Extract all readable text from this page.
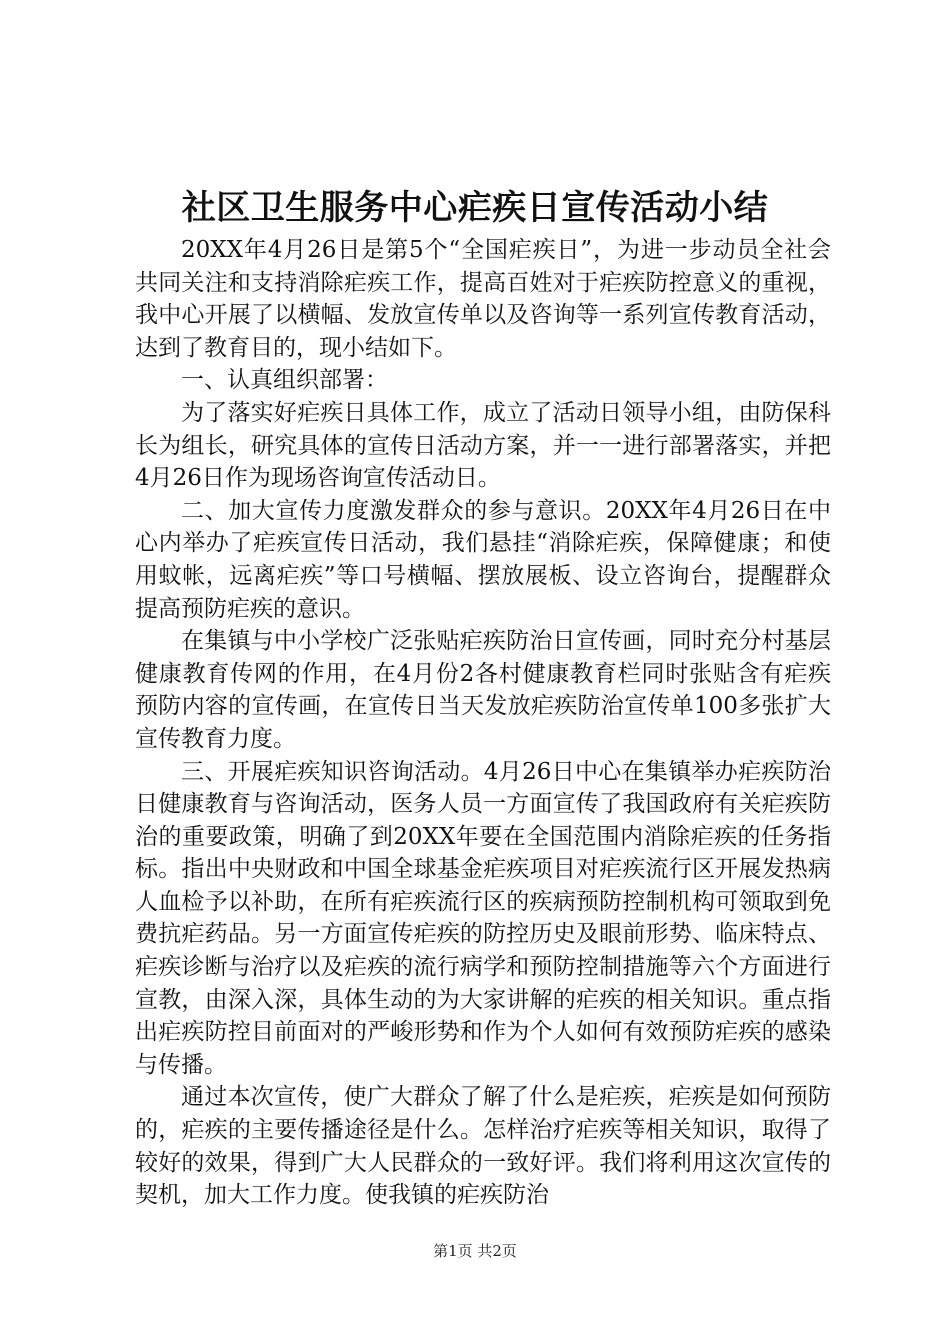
社区卫生服务中心疟疾日宣传活动小结

20XX年4月26日是第5个“全国疟疾日”，为进一步动员全社会共同关注和支持消除疟疾工作，提高百姓对于疟疾防控意义的重视，我中心开展了以横幅、发放宣传单以及咨询等一系列宣传教育活动，达到了教育目的，现小结如下。

一、认真组织部署：

为了落实好疟疾日具体工作，成立了活动日领导小组，由防保科长为组长，研究具体的宣传日活动方案，并一一进行部署落实，并把4月26日作为现场咨询宣传活动日。

二、加大宣传力度激发群众的参与意识。20XX年4月26日在中心内举办了疟疾宣传日活动，我们悬挂“消除疟疾，保障健康；和使用蚊帐，远离疟疾”等口号横幅、摆放展板、设立咨询台，提醒群众提高预防疟疾的意识。

在集镇与中小学校广泛张贴疟疾防治日宣传画，同时充分村基层健康教育传网的作用，在4月份2各村健康教育栏同时张贴含有疟疾预防内容的宣传画，在宣传日当天发放疟疾防治宣传单100多张扩大宣传教育力度。

三、开展疟疾知识咨询活动。4月26日中心在集镇举办疟疾防治日健康教育与咨询活动，医务人员一方面宣传了我国政府有关疟疾防治的重要政策，明确了到20XX年要在全国范围内消除疟疾的任务指标。指出中央财政和中国全球基金疟疾项目对疟疾流行区开展发热病人血检予以补助，在所有疟疾流行区的疾病预防控制机构可领取到免费抗疟药品。另一方面宣传疟疾的防控历史及眼前形势、临床特点、疟疾诊断与治疗以及疟疾的流行病学和预防控制措施等六个方面进行宣教，由深入深，具体生动的为大家讲解的疟疾的相关知识。重点指出疟疾防控目前面对的严峻形势和作为个人如何有效预防疟疾的感染与传播。

通过本次宣传，使广大群众了解了什么是疟疾，疟疾是如何预防的，疟疾的主要传播途径是什么。怎样治疗疟疾等相关知识，取得了较好的效果，得到广大人民群众的一致好评。我们将利用这次宣传的契机，加大工作力度。使我镇的疟疾防治

第1页 共2页
